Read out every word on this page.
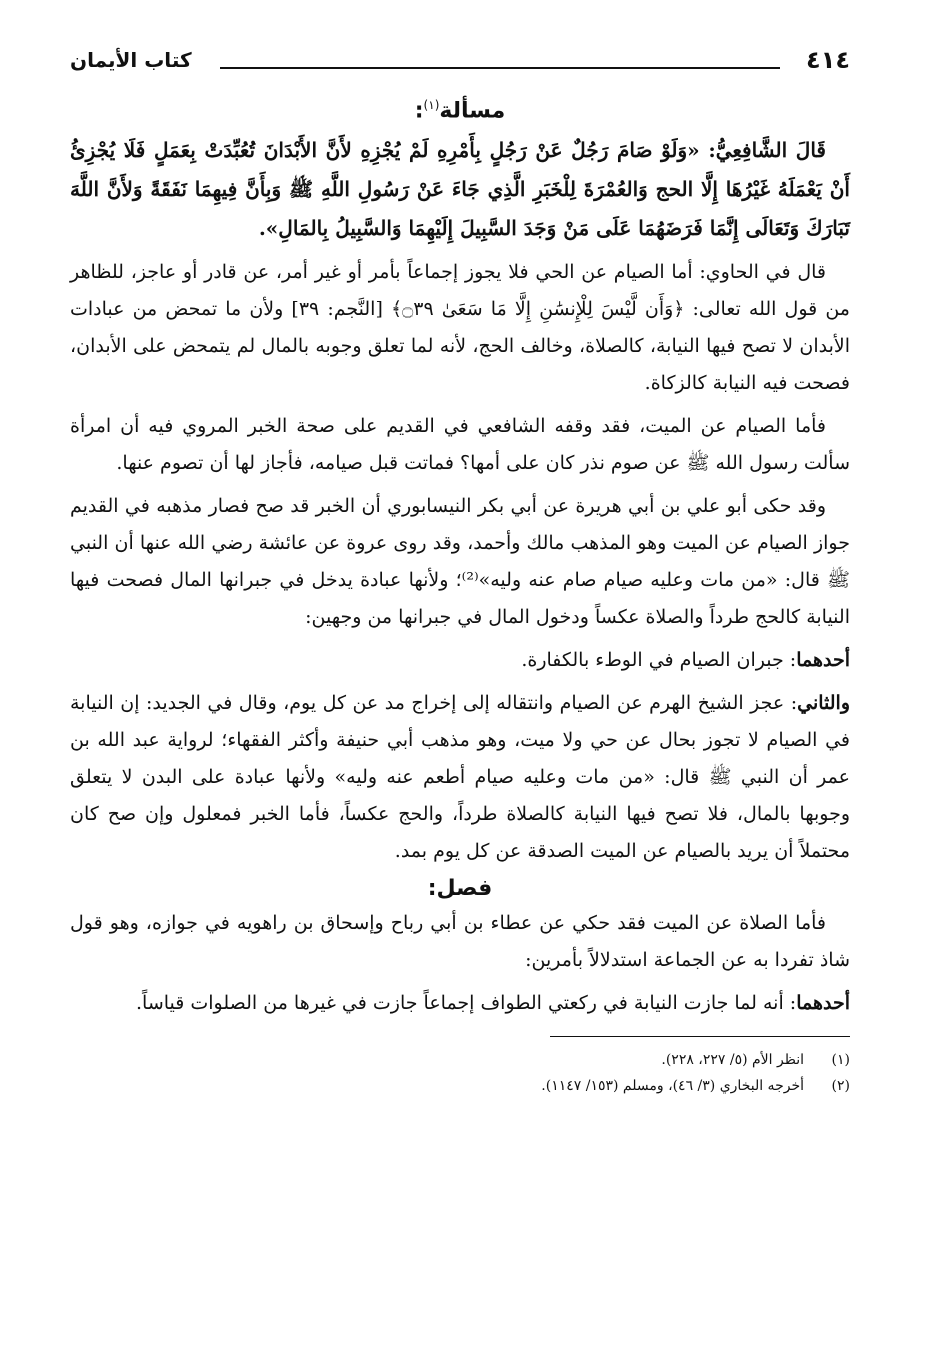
٤١٤
كتاب الأيمان
مسألة$^{(١)}$:

قَالَ الشَّافِعِيُّ: «وَلَوْ صَامَ رَجُلٌ عَنْ رَجُلٍ بِأَمْرِهِ لَمْ يُجْزِهِ لأَنَّ الأَبْدَانَ تُعُبِّدَتْ بِعَمَلٍ فَلَا يُجْزِئُ أَنْ يَعْمَلَهُ غَيْرُهَا إِلَّا الحج وَالعُمْرَةَ لِلْخَبَرِ الَّذِي جَاءَ عَنْ رَسُولِ اللَّهِ ﷺ وَبِأَنَّ فِيهِمَا نَفَقَةً وَلأَنَّ اللَّهَ تَبَارَكَ وَتَعَالَى إِنَّمَا فَرَضَهُمَا عَلَى مَنْ وَجَدَ السَّبِيلَ إِلَيْهِمَا وَالسَّبِيلُ بِالمَالِ».

قال في الحاوي: أما الصيام عن الحي فلا يجوز إجماعاً بأمر أو غير أمر، عن قادر أو عاجز، للظاهر من قول الله تعالى: ﴿وَأَن لَّيْسَ لِلْإِنسَٰنِ إِلَّا مَا سَعَىٰ ۝٣٩﴾ [النَّجم: ٣٩] ولأن ما تمحض من عبادات الأبدان لا تصح فيها النيابة، كالصلاة، وخالف الحج، لأنه لما تعلق وجوبه بالمال لم يتمحض على الأبدان، فصحت فيه النيابة كالزكاة.

فأما الصيام عن الميت، فقد وقفه الشافعي في القديم على صحة الخبر المروي فيه أن امرأة سألت رسول الله ﷺ عن صوم نذر كان على أمها؟ فماتت قبل صيامه، فأجاز لها أن تصوم عنها.

وقد حكى أبو علي بن أبي هريرة عن أبي بكر النيسابوري أن الخبر قد صح فصار مذهبه في القديم جواز الصيام عن الميت وهو المذهب مالك وأحمد، وقد روى عروة عن عائشة رضي الله عنها أن النبي ﷺ قال: «من مات وعليه صيام صام عنه وليه»⁽²⁾؛ ولأنها عبادة يدخل في جبرانها المال فصحت فيها النيابة كالحج طرداً والصلاة عكساً ودخول المال في جبرانها من وجهين:

أحدهما: جبران الصيام في الوطء بالكفارة.

والثاني: عجز الشيخ الهرم عن الصيام وانتقاله إلى إخراج مد عن كل يوم، وقال في الجديد: إن النيابة في الصيام لا تجوز بحال عن حي ولا ميت، وهو مذهب أبي حنيفة وأكثر الفقهاء؛ لرواية عبد الله بن عمر أن النبي ﷺ قال: «من مات وعليه صيام أطعم عنه وليه» ولأنها عبادة على البدن لا يتعلق وجوبها بالمال، فلا تصح فيها النيابة كالصلاة طرداً، والحج عكساً، فأما الخبر فمعلول وإن صح كان محتملاً أن يريد بالصيام عن الميت الصدقة عن كل يوم بمد.

فصل:

فأما الصلاة عن الميت فقد حكي عن عطاء بن أبي رباح وإسحاق بن راهويه في جوازه، وهو قول شاذ تفردا به عن الجماعة استدلالاً بأمرين:

أحدهما: أنه لما جازت النيابة في ركعتي الطواف إجماعاً جازت في غيرها من الصلوات قياساً.

(١)
انظر الأم (٥/ ٢٢٧، ٢٢٨).
(٢)
أخرجه البخاري (٣/ ٤٦)، ومسلم (١٥٣/ ١١٤٧).
